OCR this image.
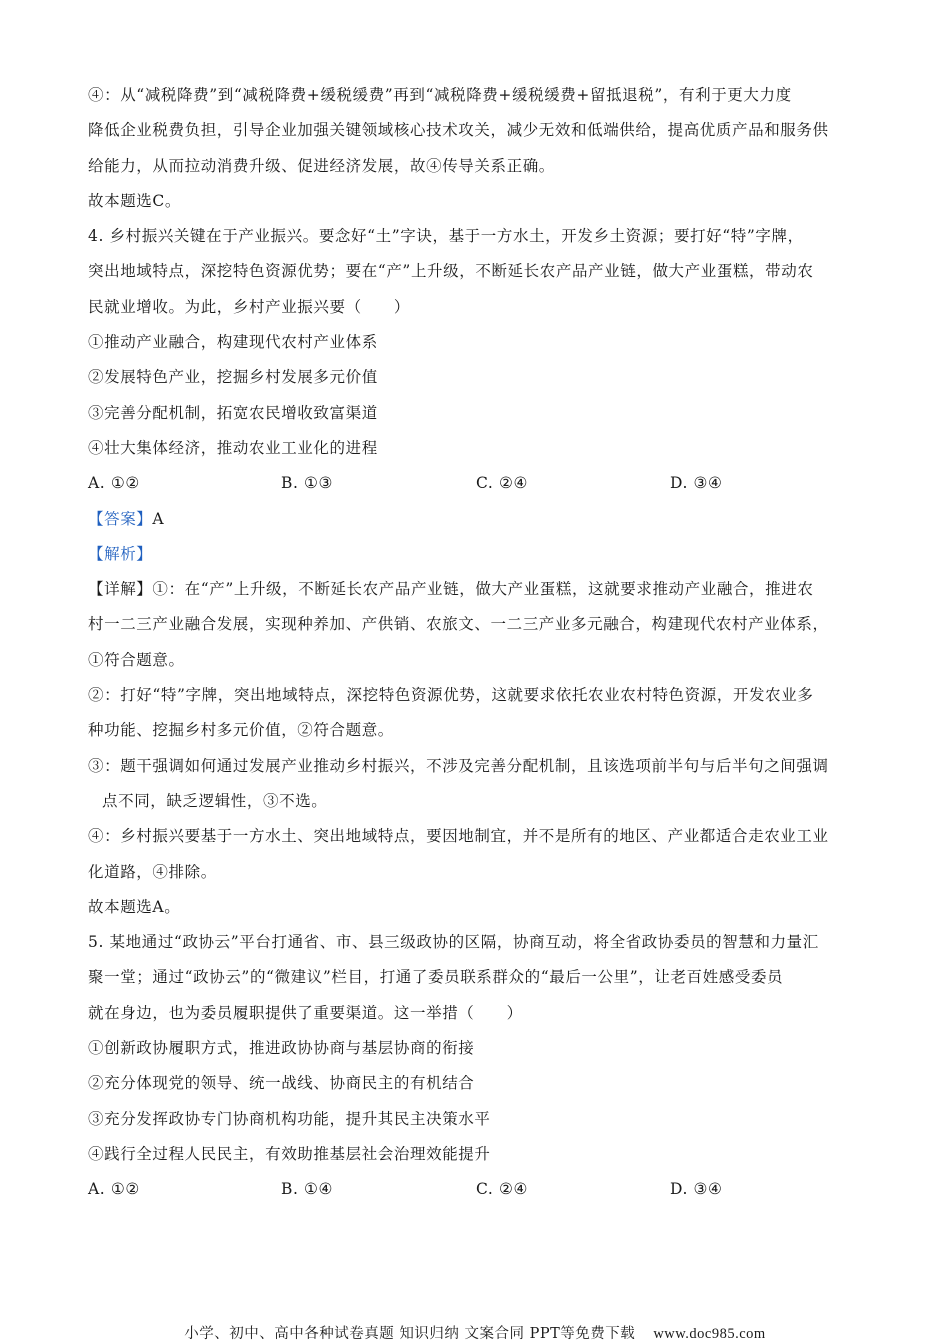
④：从“减税降费”到“减税降费+缓税缓费”再到“减税降费+缓税缓费+留抵退税”，有利于更大力度
降低企业税费负担，引导企业加强关键领域核心技术攻关，减少无效和低端供给，提高优质产品和服务供
给能力，从而拉动消费升级、促进经济发展，故④传导关系正确。
故本题选C。
4. 乡村振兴关键在于产业振兴。要念好“土”字诀，基于一方水土，开发乡土资源；要打好“特”字牌，
突出地域特点，深挖特色资源优势；要在“产”上升级，不断延长农产品产业链，做大产业蛋糕，带动农
民就业增收。为此，乡村产业振兴要（　　）
①推动产业融合，构建现代农村产业体系
②发展特色产业，挖掘乡村发展多元价值
③完善分配机制，拓宽农民增收致富渠道
④壮大集体经济，推动农业工业化的进程
A. ①②	B. ①③	C. ②④	D. ③④
【答案】A
【解析】
【详解】①：在“产”上升级，不断延长农产品产业链，做大产业蛋糕，这就要求推动产业融合，推进农
村一二三产业融合发展，实现种养加、产供销、农旅文、一二三产业多元融合，构建现代农村产业体系，
①符合题意。
②：打好“特”字牌，突出地域特点，深挖特色资源优势，这就要求依托农业农村特色资源，开发农业多
种功能、挖掘乡村多元价值，②符合题意。
③：题干强调如何通过发展产业推动乡村振兴，不涉及完善分配机制，且该选项前半句与后半句之间强调
点不同，缺乏逻辑性，③不选。
④：乡村振兴要基于一方水土、突出地域特点，要因地制宜，并不是所有的地区、产业都适合走农业工业
化道路，④排除。
故本题选A。
5. 某地通过“政协云”平台打通省、市、县三级政协的区隔，协商互动，将全省政协委员的智慧和力量汇
聚一堂；通过“政协云”的“微建议”栏目，打通了委员联系群众的“最后一公里”，让老百姓感受委员
就在身边，也为委员履职提供了重要渠道。这一举措（　　）
①创新政协履职方式，推进政协协商与基层协商的衔接
②充分体现党的领导、统一战线、协商民主的有机结合
③充分发挥政协专门协商机构功能，提升其民主决策水平
④践行全过程人民民主，有效助推基层社会治理效能提升
A. ①②	B. ①④	C. ②④	D. ③④
小学、初中、高中各种试卷真题 知识归纳 文案合同 PPT等免费下载 www.doc985.com
